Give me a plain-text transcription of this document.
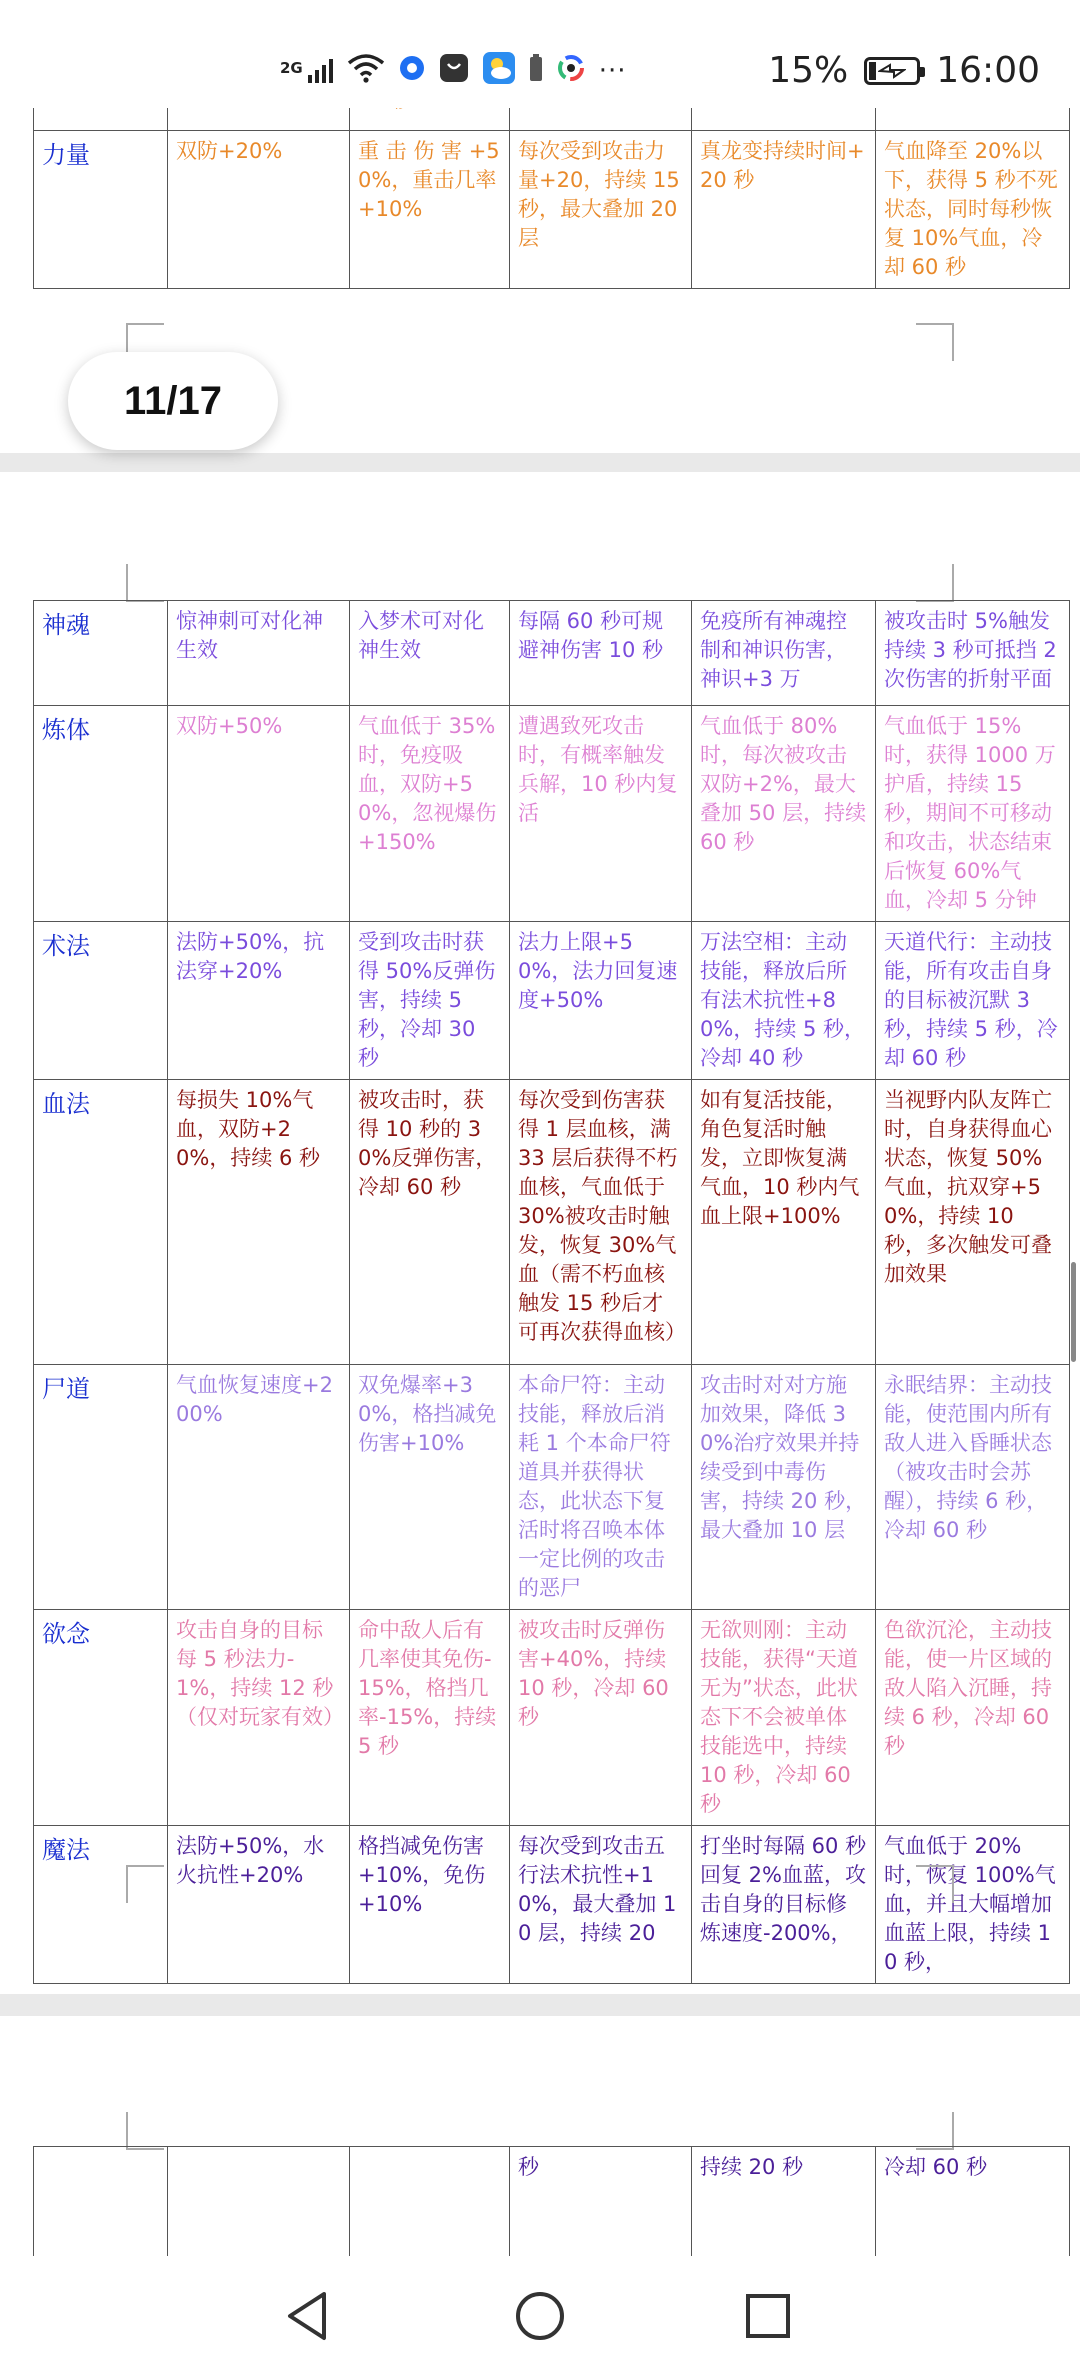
2G	···	15% 16:00

力量	双防+20%	重 击 伤 害 +50%，重击几率+10%	每次受到攻击力量+20，持续 15 秒，最大叠加 20 层	真龙变持续时间+20 秒	气血降至 20%以下，获得 5 秒不死状态，同时每秒恢复 10%气血，冷却 60 秒
11/17
神魂	惊神刺可对化神生效	入梦术可对化神生效	每隔 60 秒可规避神伤害 10 秒	免疫所有神魂控制和神识伤害，神识+3 万	被攻击时 5%触发持续 3 秒可抵挡 2 次伤害的折射平面
炼体	双防+50%	气血低于 35%时，免疫吸血，双防+50%，忽视爆伤+150%	遭遇致死攻击时，有概率触发兵解，10 秒内复活	气血低于 80%时，每次被攻击双防+2%，最大叠加 50 层，持续 60 秒	气血低于 15%时，获得 1000 万护盾，持续 15 秒，期间不可移动和攻击，状态结束后恢复 60%气血，冷却 5 分钟
术法	法防+50%，抗法穿+20%	受到攻击时获得 50%反弹伤害，持续 5 秒，冷却 30 秒	法力上限+50%，法力回复速度+50%	万法空相：主动技能，释放后所有法术抗性+80%，持续 5 秒，冷却 40 秒	天道代行：主动技能，所有攻击自身的目标被沉默 3 秒，持续 5 秒，冷却 60 秒
血法	每损失 10%气血，双防+20%，持续 6 秒	被攻击时，获得 10 秒的 30%反弹伤害，冷却 60 秒	每次受到伤害获得 1 层血核，满 33 层后获得不朽血核，气血低于 30%被攻击时触发，恢复 30%气血（需不朽血核触发 15 秒后才可再次获得血核）	如有复活技能，角色复活时触发，立即恢复满气血，10 秒内气血上限+100%	当视野内队友阵亡时，自身获得血心状态，恢复 50%气血，抗双穿+50%，持续 10 秒，多次触发可叠加效果
尸道	气血恢复速度+200%	双免爆率+30%，格挡减免伤害+10%	本命尸符：主动技能，释放后消耗 1 个本命尸符道具并获得状态，此状态下复活时将召唤本体一定比例的攻击的恶尸	攻击时对对方施加效果，降低 30%治疗效果并持续受到中毒伤害，持续 20 秒，最大叠加 10 层	永眠结界：主动技能，使范围内所有敌人进入昏睡状态（被攻击时会苏醒），持续 6 秒，冷却 60 秒
欲念	攻击自身的目标每 5 秒法力-1%，持续 12 秒（仅对玩家有效）	命中敌人后有几率使其免伤-15%，格挡几率-15%，持续 5 秒	被攻击时反弹伤害+40%，持续 10 秒，冷却 60 秒	无欲则刚：主动技能，获得“天道无为”状态，此状态下不会被单体技能选中，持续 10 秒，冷却 60 秒	色欲沉沦，主动技能，使一片区域的敌人陷入沉睡，持续 6 秒，冷却 60 秒
魔法	法防+50%，水火抗性+20%	格挡减免伤害+10%，免伤+10%	每次受到攻击五行法术抗性+10%，最大叠加 10 层，持续 20	打坐时每隔 60 秒回复 2%血蓝，攻击自身的目标修炼速度-200%，	气血低于 20%时，恢复 100%气血，并且大幅增加血蓝上限，持续 10 秒，
			秒	持续 20 秒	冷却 60 秒
